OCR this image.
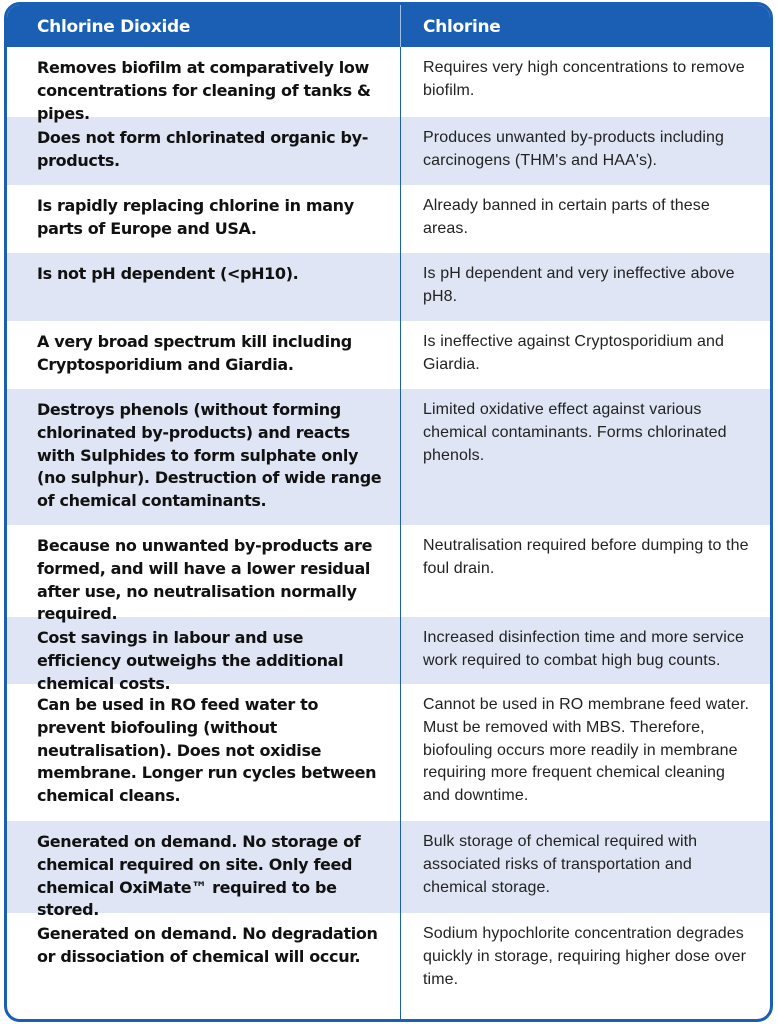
Chlorine Dioxide	Chlorine
Removes biofilm at comparatively low concentrations for cleaning of tanks & pipes.
Requires very high concentrations to remove biofilm.
Does not form chlorinated organic by-products.
Produces unwanted by-products including carcinogens (THM's and HAA's).
Is rapidly replacing chlorine in many parts of Europe and USA.
Already banned in certain parts of these areas.
Is not pH dependent (<pH10).	Is pH dependent and very ineffective above pH8.
A very broad spectrum kill including Cryptosporidium and Giardia.
Is ineffective against Cryptosporidium and Giardia.
Destroys phenols (without forming chlorinated by-products) and reacts with Sulphides to form sulphate only (no sulphur). Destruction of wide range of chemical contaminants.
Limited oxidative effect against various chemical contaminants. Forms chlorinated phenols.
Because no unwanted by-products are formed, and will have a lower residual after use, no neutralisation normally required.
Neutralisation required before dumping to the foul drain.
Cost savings in labour and use efficiency outweighs the additional chemical costs.
Increased disinfection time and more service work required to combat high bug counts.
Can be used in RO feed water to prevent biofouling (without neutralisation). Does not oxidise membrane. Longer run cycles between chemical cleans.
Cannot be used in RO membrane feed water. Must be removed with MBS. Therefore, biofouling occurs more readily in membrane requiring more frequent chemical cleaning and downtime.
Generated on demand. No storage of chemical required on site. Only feed chemical OxiMate™ required to be stored.
Bulk storage of chemical required with associated risks of transportation and chemical storage.
Generated on demand. No degradation or dissociation of chemical will occur.
Sodium hypochlorite concentration degrades quickly in storage, requiring higher dose over time.
